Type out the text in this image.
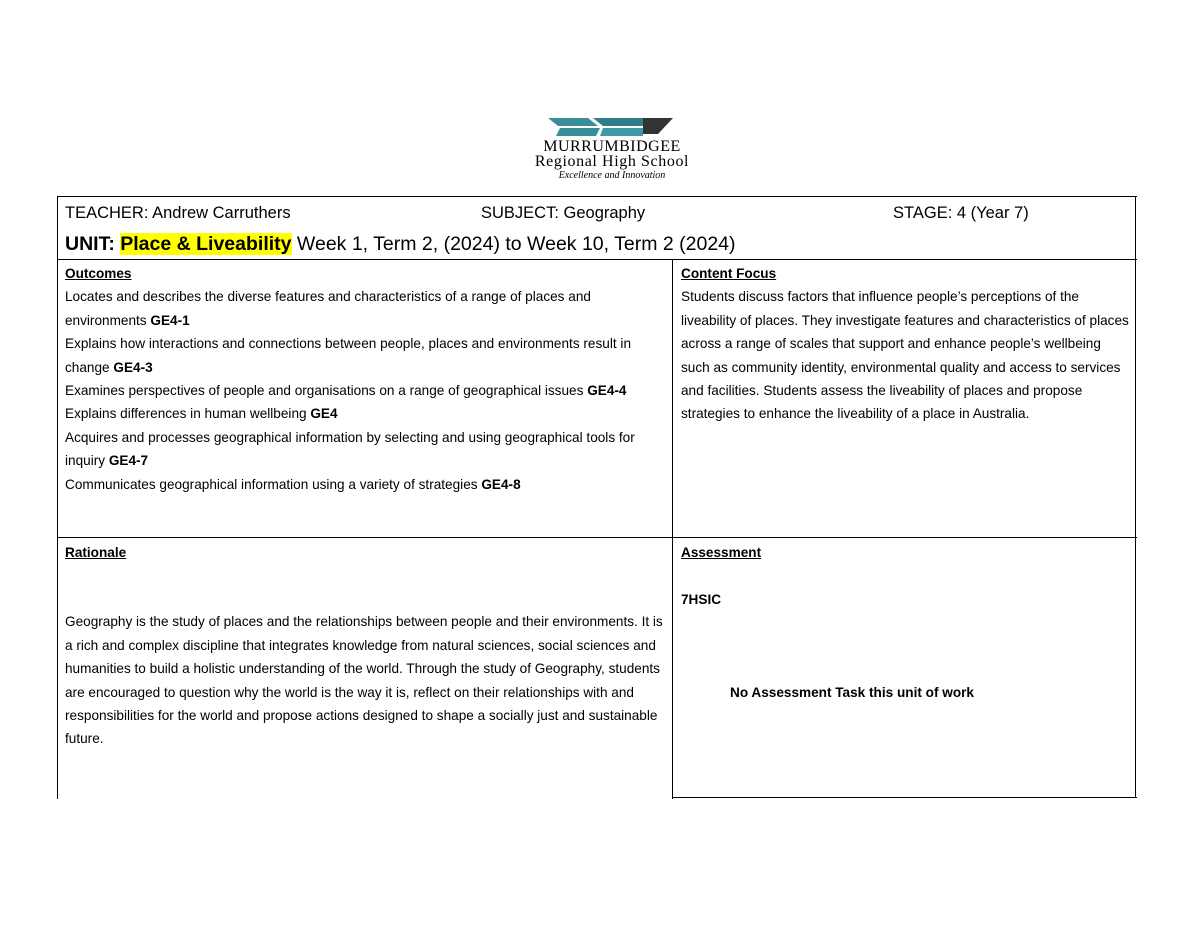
MURRUMBIDGEE
Regional High School
Excellence and Innovation
TEACHER: Andrew Carruthers	SUBJECT: Geography	STAGE: 4 (Year 7)
UNIT: Place & Liveability Week 1, Term 2, (2024) to Week 10, Term 2 (2024)
Outcomes

Locates and describes the diverse features and characteristics of a range of places and environments GE4-1

Explains how interactions and connections between people, places and environments result in change GE4-3

Examines perspectives of people and organisations on a range of geographical issues GE4-4

Explains differences in human wellbeing GE4

Acquires and processes geographical information by selecting and using geographical tools for inquiry GE4-7

Communicates geographical information using a variety of strategies GE4-8

Content Focus

Students discuss factors that influence people’s perceptions of the liveability of places. They investigate features and characteristics of places across a range of scales that support and enhance people’s wellbeing such as community identity, environmental quality and access to services and facilities. Students assess the liveability of places and propose strategies to enhance the liveability of a place in Australia.

Rationale

Geography is the study of places and the relationships between people and their environments. It is a rich and complex discipline that integrates knowledge from natural sciences, social sciences and humanities to build a holistic understanding of the world. Through the study of Geography, students are encouraged to question why the world is the way it is, reflect on their relationships with and responsibilities for the world and propose actions designed to shape a socially just and sustainable future.

Assessment
7HSIC
No Assessment Task this unit of work
